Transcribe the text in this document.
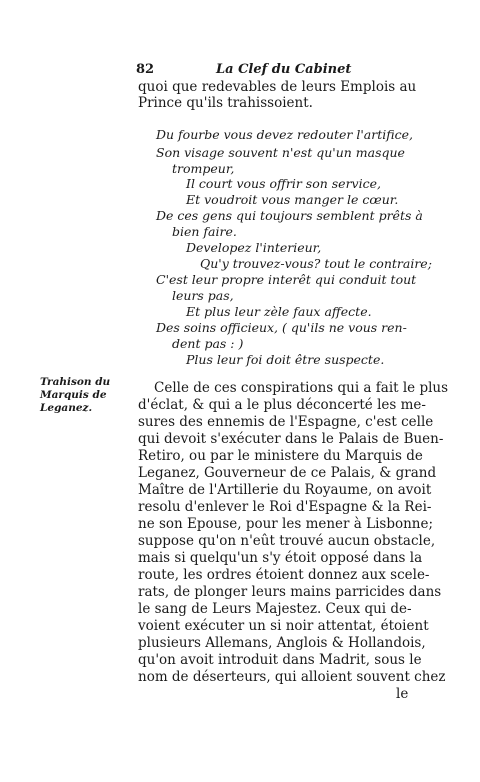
82	La Clef du Cabinet
quoi que redevables de leurs Emplois au
Prince qu'ils trahissoient.
Du fourbe vous devez redouter l'artifice,
Son visage souvent n'est qu'un masque
trompeur,
Il court vous offrir son service,
Et voudroit vous manger le cœur.
De ces gens qui toujours semblent prêts à
bien faire.
Developez l'interieur,
Qu'y trouvez-vous? tout le contraire;
C'est leur propre interêt qui conduit tout
leurs pas,
Et plus leur zèle faux affecte.
Des soins officieux, ( qu'ils ne vous ren-
dent pas : )
Plus leur foi doit être suspecte.
Trahison du
Marquis de
Leganez.
Celle de ces conspirations qui a fait le plus
d'éclat, & qui a le plus déconcerté les me-
sures des ennemis de l'Espagne, c'est celle
qui devoit s'exécuter dans le Palais de Buen-
Retiro, ou par le ministere du Marquis de
Leganez, Gouverneur de ce Palais, & grand
Maître de l'Artillerie du Royaume, on avoit
resolu d'enlever le Roi d'Espagne & la Rei-
ne son Epouse, pour les mener à Lisbonne;
suppose qu'on n'eût trouvé aucun obstacle,
mais si quelqu'un s'y étoit opposé dans la
route, les ordres étoient donnez aux scele-
rats, de plonger leurs mains parricides dans
le sang de Leurs Majestez. Ceux qui de-
voient exécuter un si noir attentat, étoient
plusieurs Allemans, Anglois & Hollandois,
qu'on avoit introduit dans Madrit, sous le
nom de déserteurs, qui alloient souvent chez
le
